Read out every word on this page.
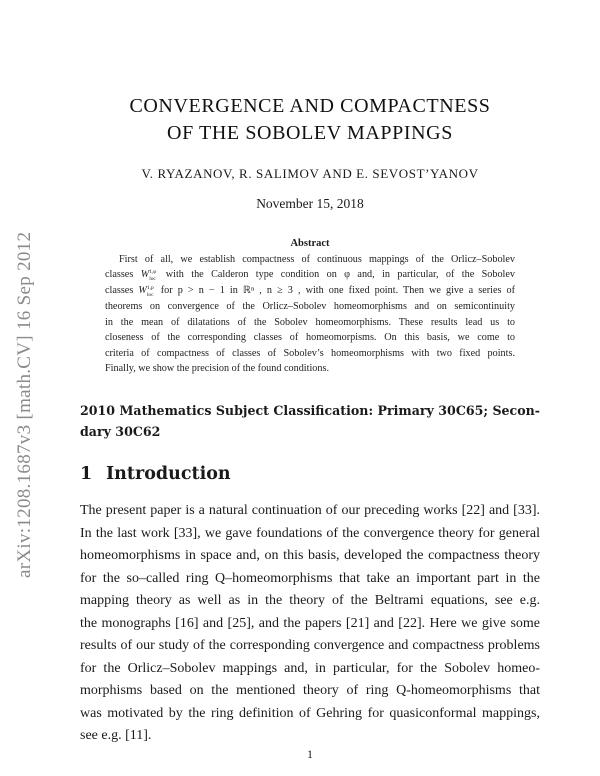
arXiv:1208.1687v3 [math.CV] 16 Sep 2012
CONVERGENCE AND COMPACTNESS
OF THE SOBOLEV MAPPINGS
V. RYAZANOV, R. SALIMOV AND E. SEVOST’YANOV
November 15, 2018
Abstract
First of all, we establish compactness of continuous mappings of the Orlicz–Sobolev
classes W 1,φ
loc with the Calderon type condition on φ and, in particular, of the Sobolev
classes W 1,p
loc for p > n − 1 in ℝⁿ , n ≥ 3 , with one fixed point. Then we give a series of
theorems on convergence of the Orlicz–Sobolev homeomorphisms and on semicontinuity
in the mean of dilatations of the Sobolev homeomorphisms. These results lead us to
closeness of the corresponding classes of homeomorpisms. On this basis, we come to
criteria of compactness of classes of Sobolev’s homeomorphisms with two fixed points.
Finally, we show the precision of the found conditions.
2010 Mathematics Subject Classification: Primary 30C65; Secon-
dary 30C62
1 Introduction
The present paper is a natural continuation of our preceding works [22] and [33].
In the last work [33], we gave foundations of the convergence theory for general
homeomorphisms in space and, on this basis, developed the compactness theory
for the so–called ring Q–homeomorphisms that take an important part in the
mapping theory as well as in the theory of the Beltrami equations, see e.g.
the monographs [16] and [25], and the papers [21] and [22]. Here we give some
results of our study of the corresponding convergence and compactness problems
for the Orlicz–Sobolev mappings and, in particular, for the Sobolev homeo-
morphisms based on the mentioned theory of ring Q-homeomorphisms that
was motivated by the ring definition of Gehring for quasiconformal mappings,
see e.g. [11].
1
